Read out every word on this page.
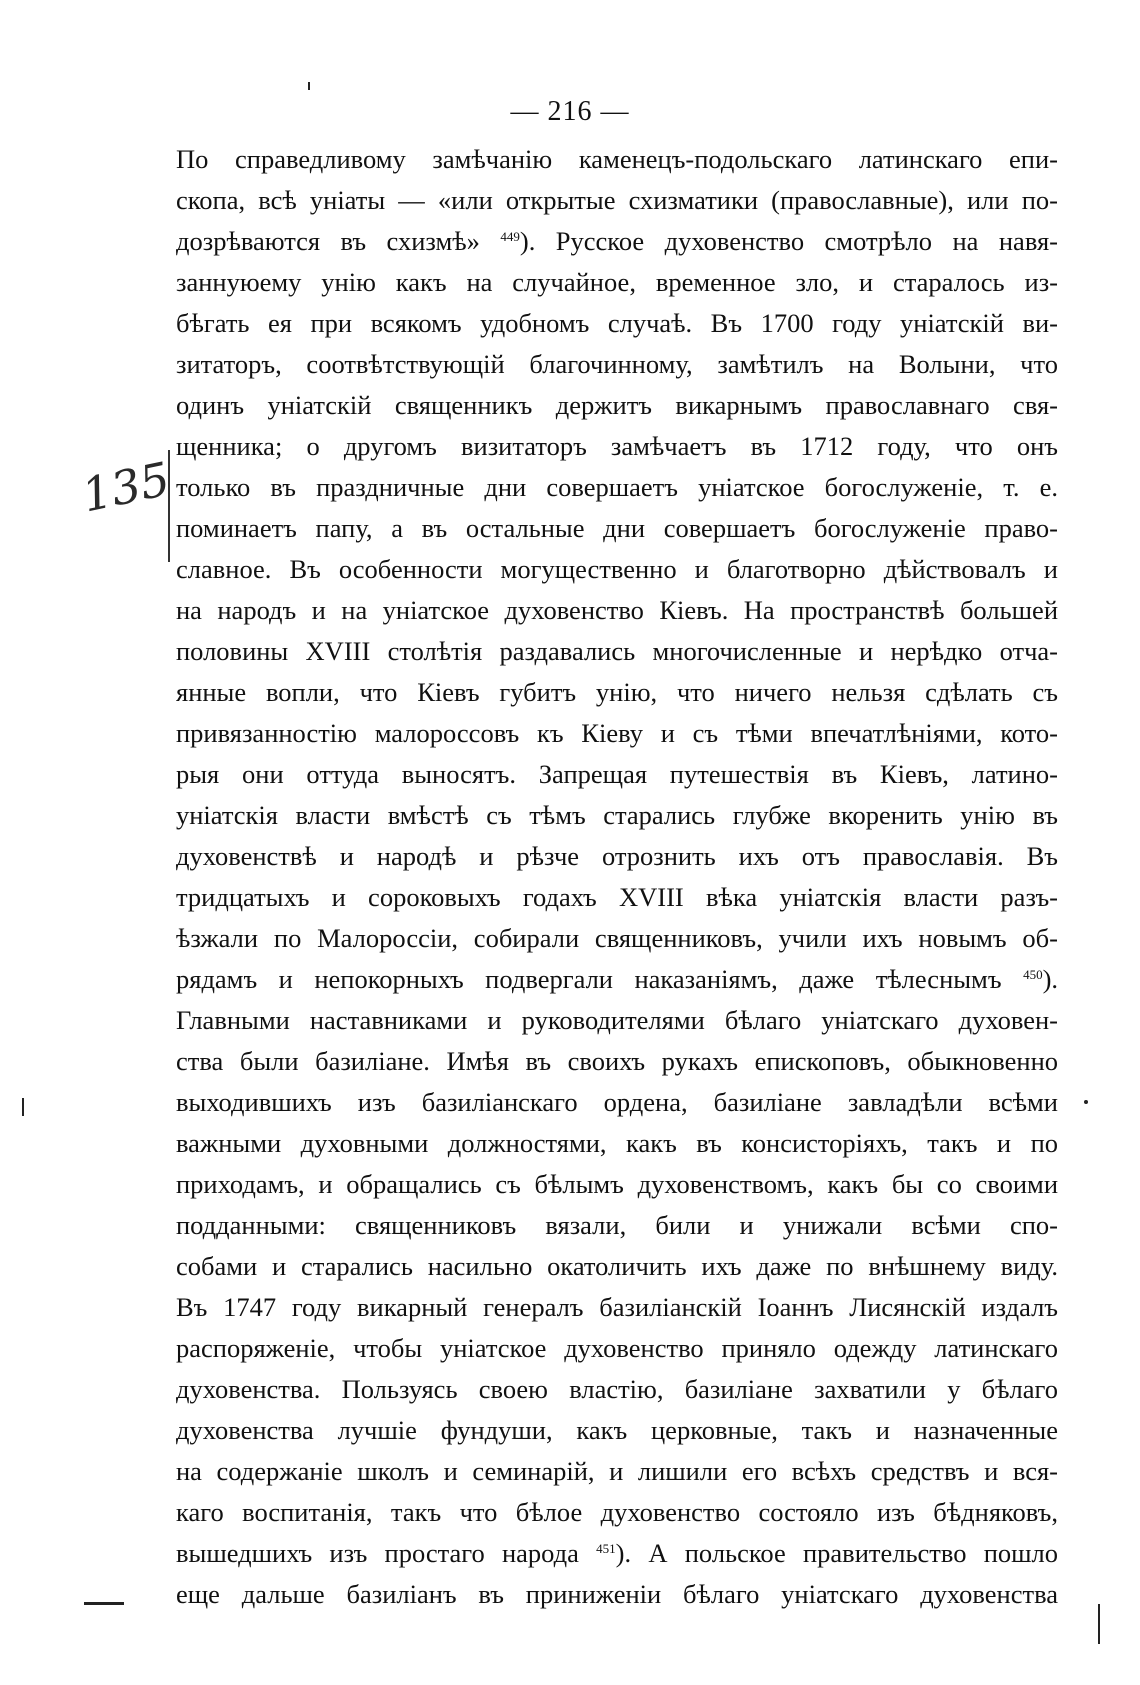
— 216 —
135
По справедливому замѣчанію каменецъ-подольскаго латинскаго епи-
скопа, всѣ уніаты — «или открытые схизматики (православные), или по-
дозрѣваются въ схизмѣ» $^{449}$). Русское духовенство смотрѣло на навя-
заннуюему унію какъ на случайное, временное зло, и старалось из-
бѣгать ея при всякомъ удобномъ случаѣ. Въ 1700 году уніатскій ви-
зитаторъ, соотвѣтствующій благочинному, замѣтилъ на Волыни, что
одинъ уніатскій священникъ держитъ викарнымъ православнаго свя-
щенника; о другомъ визитаторъ замѣчаетъ въ 1712 году, что онъ
только въ праздничные дни совершаетъ уніатское богослуженіе, т. е.
поминаетъ папу, а въ остальные дни совершаетъ богослуженіе право-
славное. Въ особенности могущественно и благотворно дѣйствовалъ и
на народъ и на уніатское духовенство Кіевъ. На пространствѣ большей
половины XVIII столѣтія раздавались многочисленные и нерѣдко отча-
янные вопли, что Кіевъ губитъ унію, что ничего нельзя сдѣлать съ
привязанностію малороссовъ къ Кіеву и съ тѣми впечатлѣніями, кото-
рыя они оттуда выносятъ. Запрещая путешествія въ Кіевъ, латино-
уніатскія власти вмѣстѣ съ тѣмъ старались глубже вкоренить унію въ
духовенствѣ и народѣ и рѣзче отрознить ихъ отъ православія. Въ
тридцатыхъ и сороковыхъ годахъ XVIII вѣка уніатскія власти разъ-
ѣзжали по Малороссіи, собирали священниковъ, учили ихъ новымъ об-
рядамъ и непокорныхъ подвергали наказаніямъ, даже тѣлеснымъ $^{450}$).
Главными наставниками и руководителями бѣлаго уніатскаго духовен-
ства были базиліане. Имѣя въ своихъ рукахъ епископовъ, обыкновенно
выходившихъ изъ базиліанскаго ордена, базиліане завладѣли всѣми
важными духовными должностями, какъ въ консисторіяхъ, такъ и по
приходамъ, и обращались съ бѣлымъ духовенствомъ, какъ бы со своими
подданными: священниковъ вязали, били и унижали всѣми спо-
собами и старались насильно окатоличить ихъ даже по внѣшнему виду.
Въ 1747 году викарный генералъ базиліанскій Іоаннъ Лисянскій издалъ
распоряженіе, чтобы уніатское духовенство приняло одежду латинскаго
духовенства. Пользуясь своею властію, базиліане захватили у бѣлаго
духовенства лучшіе фундуши, какъ церковные, такъ и назначенные
на содержаніе школъ и семинарій, и лишили его всѣхъ средствъ и вся-
каго воспитанія, такъ что бѣлое духовенство состояло изъ бѣдняковъ,
вышедшихъ изъ простаго народа $^{451}$). А польское правительство пошло
еще дальше базиліанъ въ приниженіи бѣлаго уніатскаго духовенства
